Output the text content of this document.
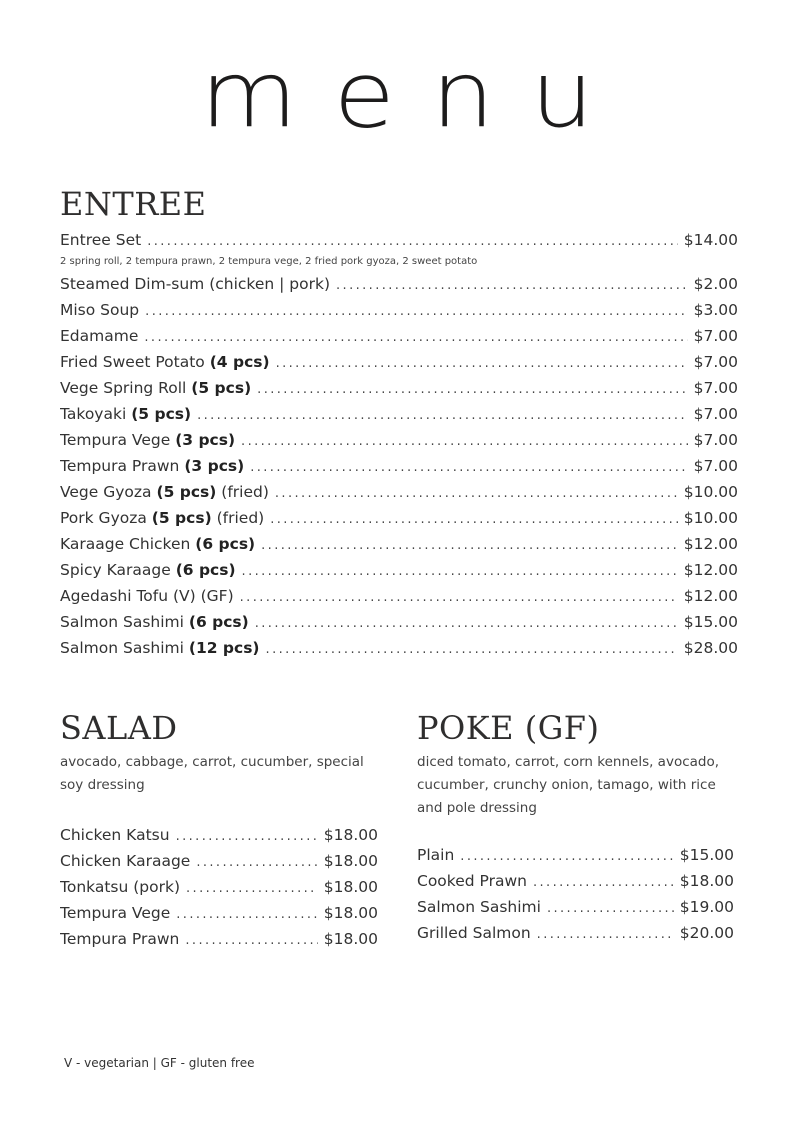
menu
ENTREE
Entree Set .....	$14.00
Steamed Dim-sum (chicken | pork) .....	$2.00
Miso Soup .....	$3.00
Edamame .....	$7.00
Fried Sweet Potato (4 pcs) .....	$7.00
Vege Spring Roll (5 pcs) .....	$7.00
Takoyaki (5 pcs) .....	$7.00
Tempura Vege (3 pcs) .....	$7.00
Tempura Prawn (3 pcs) .....	$7.00
Vege Gyoza (5 pcs) (fried) .....	$10.00
Pork Gyoza (5 pcs) (fried) .....	$10.00
Karaage Chicken (6 pcs) .....	$12.00
Spicy Karaage (6 pcs) .....	$12.00
Agedashi Tofu (V) (GF) .....	$12.00
Salmon Sashimi (6 pcs) .....	$15.00
Salmon Sashimi (12 pcs) .....	$28.00
2 spring roll, 2 tempura prawn, 2 tempura vege, 2 fried pork gyoza, 2 sweet potato
SALAD
avocado, cabbage, carrot, cucumber, special
soy dressing
Chicken Katsu .....	$18.00
Chicken Karaage .....	$18.00
Tonkatsu (pork) .....	$18.00
Tempura Vege .....	$18.00
Tempura Prawn .....	$18.00
POKE (GF)
diced tomato, carrot, corn kennels, avocado,
cucumber, crunchy onion, tamago, with rice
and pole dressing
Plain .....	$15.00
Cooked Prawn .....	$18.00
Salmon Sashimi .....	$19.00
Grilled Salmon .....	$20.00
V - vegetarian | GF - gluten free
